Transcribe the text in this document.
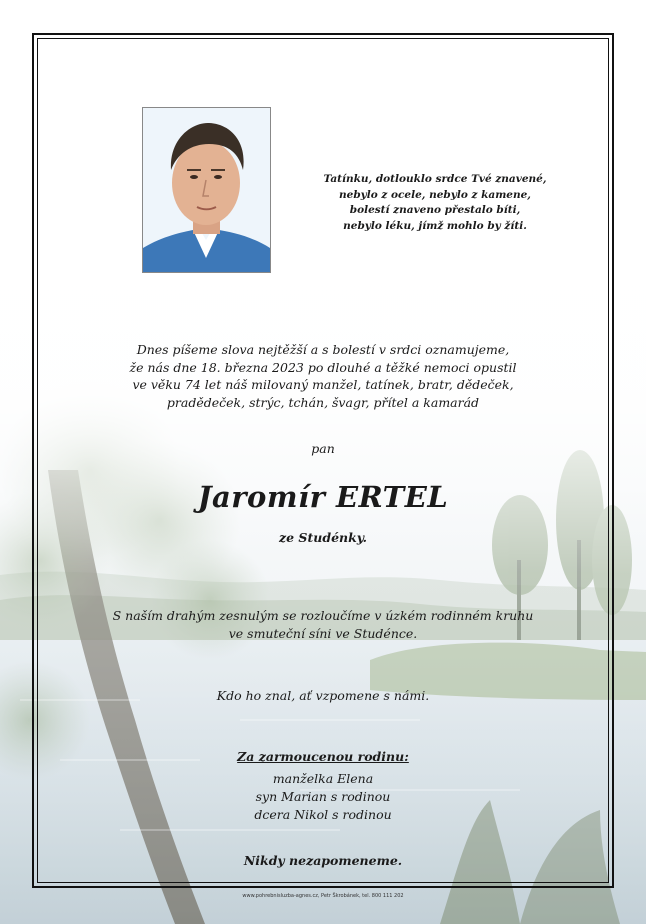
Tatínku, dotlouklo srdce Tvé znavené,
nebylo z ocele, nebylo z kamene,
bolestí znaveno přestalo bíti,
nebylo léku, jímž mohlo by žíti.
Dnes píšeme slova nejtěžší a s bolestí v srdci oznamujeme,
že nás dne 18. března 2023 po dlouhé a těžké nemoci opustil
ve věku 74 let náš milovaný manžel, tatínek, bratr, dědeček,
pradědeček, strýc, tchán, švagr, přítel a kamarád
pan
Jaromír ERTEL
ze Studénky.
S naším drahým zesnulým se rozloučíme v úzkém rodinném kruhu
ve smuteční síni ve Studénce.
Kdo ho znal, ať vzpomene s námi.
Za zarmoucenou rodinu:
manželka Elena
syn Marian s rodinou
dcera Nikol s rodinou
Nikdy nezapomeneme.
www.pohrebnisluzba-agnes.cz, Petr Škrobánek, tel. 800 111 202
